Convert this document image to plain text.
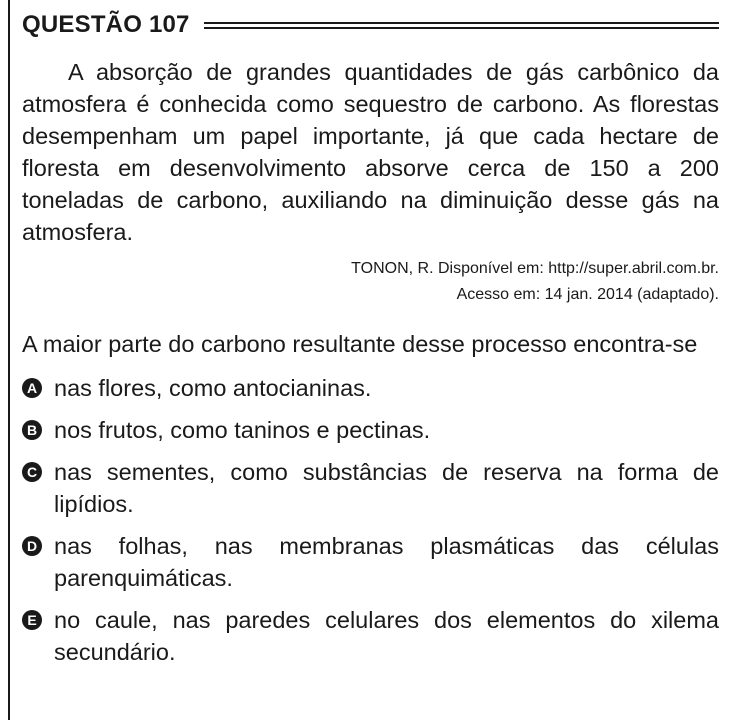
QUESTÃO 107

A absorção de grandes quantidades de gás carbônico da atmosfera é conhecida como sequestro de carbono. As florestas desempenham um papel importante, já que cada hectare de floresta em desenvolvimento absorve cerca de 150 a 200 toneladas de carbono, auxiliando na diminuição desse gás na atmosfera.

TONON, R. Disponível em: http://super.abril.com.br.
Acesso em: 14 jan. 2014 (adaptado).
A maior parte do carbono resultante desse processo encontra-se
A nas flores, como antocianinas.
B nos frutos, como taninos e pectinas.
C nas sementes, como substâncias de reserva na forma de lipídios.
D nas folhas, nas membranas plasmáticas das células parenquimáticas.
E no caule, nas paredes celulares dos elementos do xilema secundário.
